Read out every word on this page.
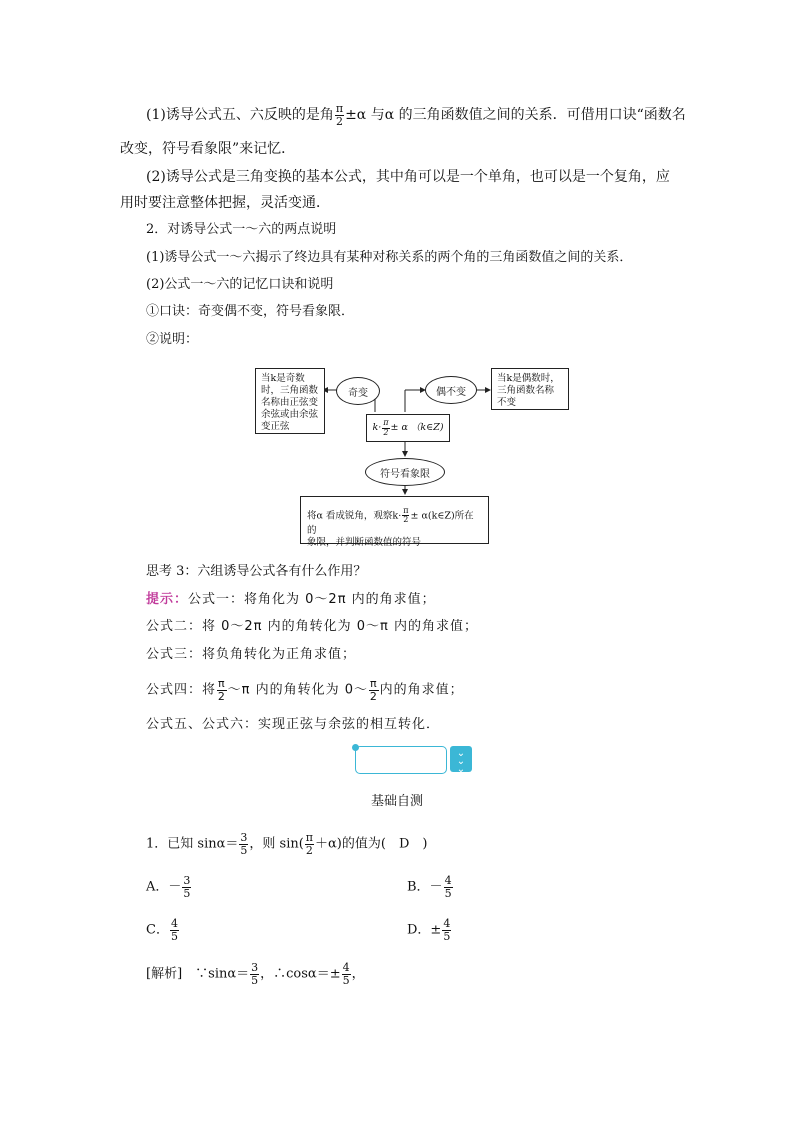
(1)诱导公式五、六反映的是角 $\frac{\pi}{2} \pm\alpha$ 与α 的三角函数值之间的关系．可借用口诀“函数名
改变，符号看象限”来记忆．
(2)诱导公式是三角变换的基本公式，其中角可以是一个单角，也可以是一个复角，应
用时要注意整体把握，灵活变通．
2．对诱导公式一～六的两点说明
(1)诱导公式一～六揭示了终边具有某种对称关系的两个角的三角函数值之间的关系．
(2)公式一～六的记忆口诀和说明
①口诀：奇变偶不变，符号看象限．
②说明：
当k是奇数时，三角函数名称由正弦变余弦或由余弦变正弦
奇变	偶不变
当k是偶数时，三角函数名称不变
$k\cdot \frac{\pi}{2} \pm \alpha$ （k∈Z)
符号看象限
将α 看成锐角，观察$k\cdot \frac{\pi}{2}$ ± α(k∈Z)所在的
象限，并判断函数值的符号
思考 3：六组诱导公式各有什么作用？
提示：公式一：将角化为 0～2π 内的角求值；
公式二：将 0～2π 内的角转化为 0～π 内的角求值；
公式三：将负角转化为正角求值；
公式四：将 $\frac{\pi}{2}$ ～π 内的角转化为 0～ $\frac{\pi}{2}$ 内的角求值；
公式五、公式六：实现正弦与余弦的相互转化．
⌄
⌄
⌄
基础自测
1．已知 $\sin\alpha= \frac{3}{5}$ ，则 $\sin( \frac{\pi}{2} +\alpha)$的值为(　D　)
A．－ $\frac{3}{5}$	B．－ $\frac{4}{5}$
C． $\frac{4}{5}$	D．± $\frac{4}{5}$
[解析]　 ∵sinα＝ $\frac{3}{5}$ ，∴cosα＝± $\frac{4}{5}$ ，
